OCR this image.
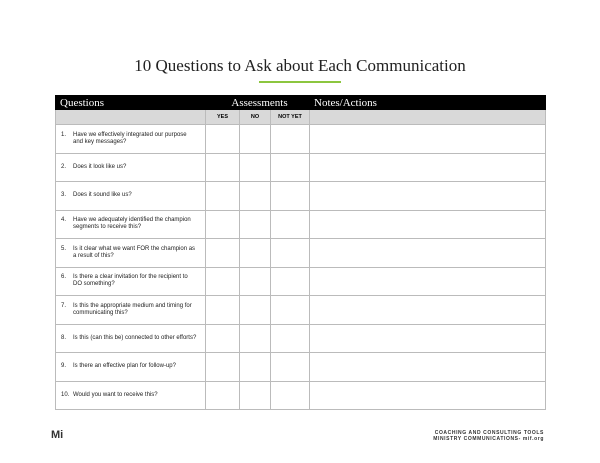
10 Questions to Ask about Each Communication
Questions	Assessments			Notes/Actions
	YES	NO	NOT YET	

1. Have we effectively integrated our purpose and key messages?				

2. Does it look like us?				

3. Does it sound like us?				

4. Have we adequately identified the champion segments to receive this?				

5. Is it clear what we want FOR the champion as a result of this?				

6. Is there a clear invitation for the recipient to DO something?				

7. Is this the appropriate medium and timing for communicating this?				

8. Is this (can this be) connected to other efforts?				

9. Is there an effective plan for follow-up?				

10. Would you want to receive this?				

Mi	COACHING AND CONSULTING TOOLS
MINISTRY COMMUNICATIONS- mif.org
